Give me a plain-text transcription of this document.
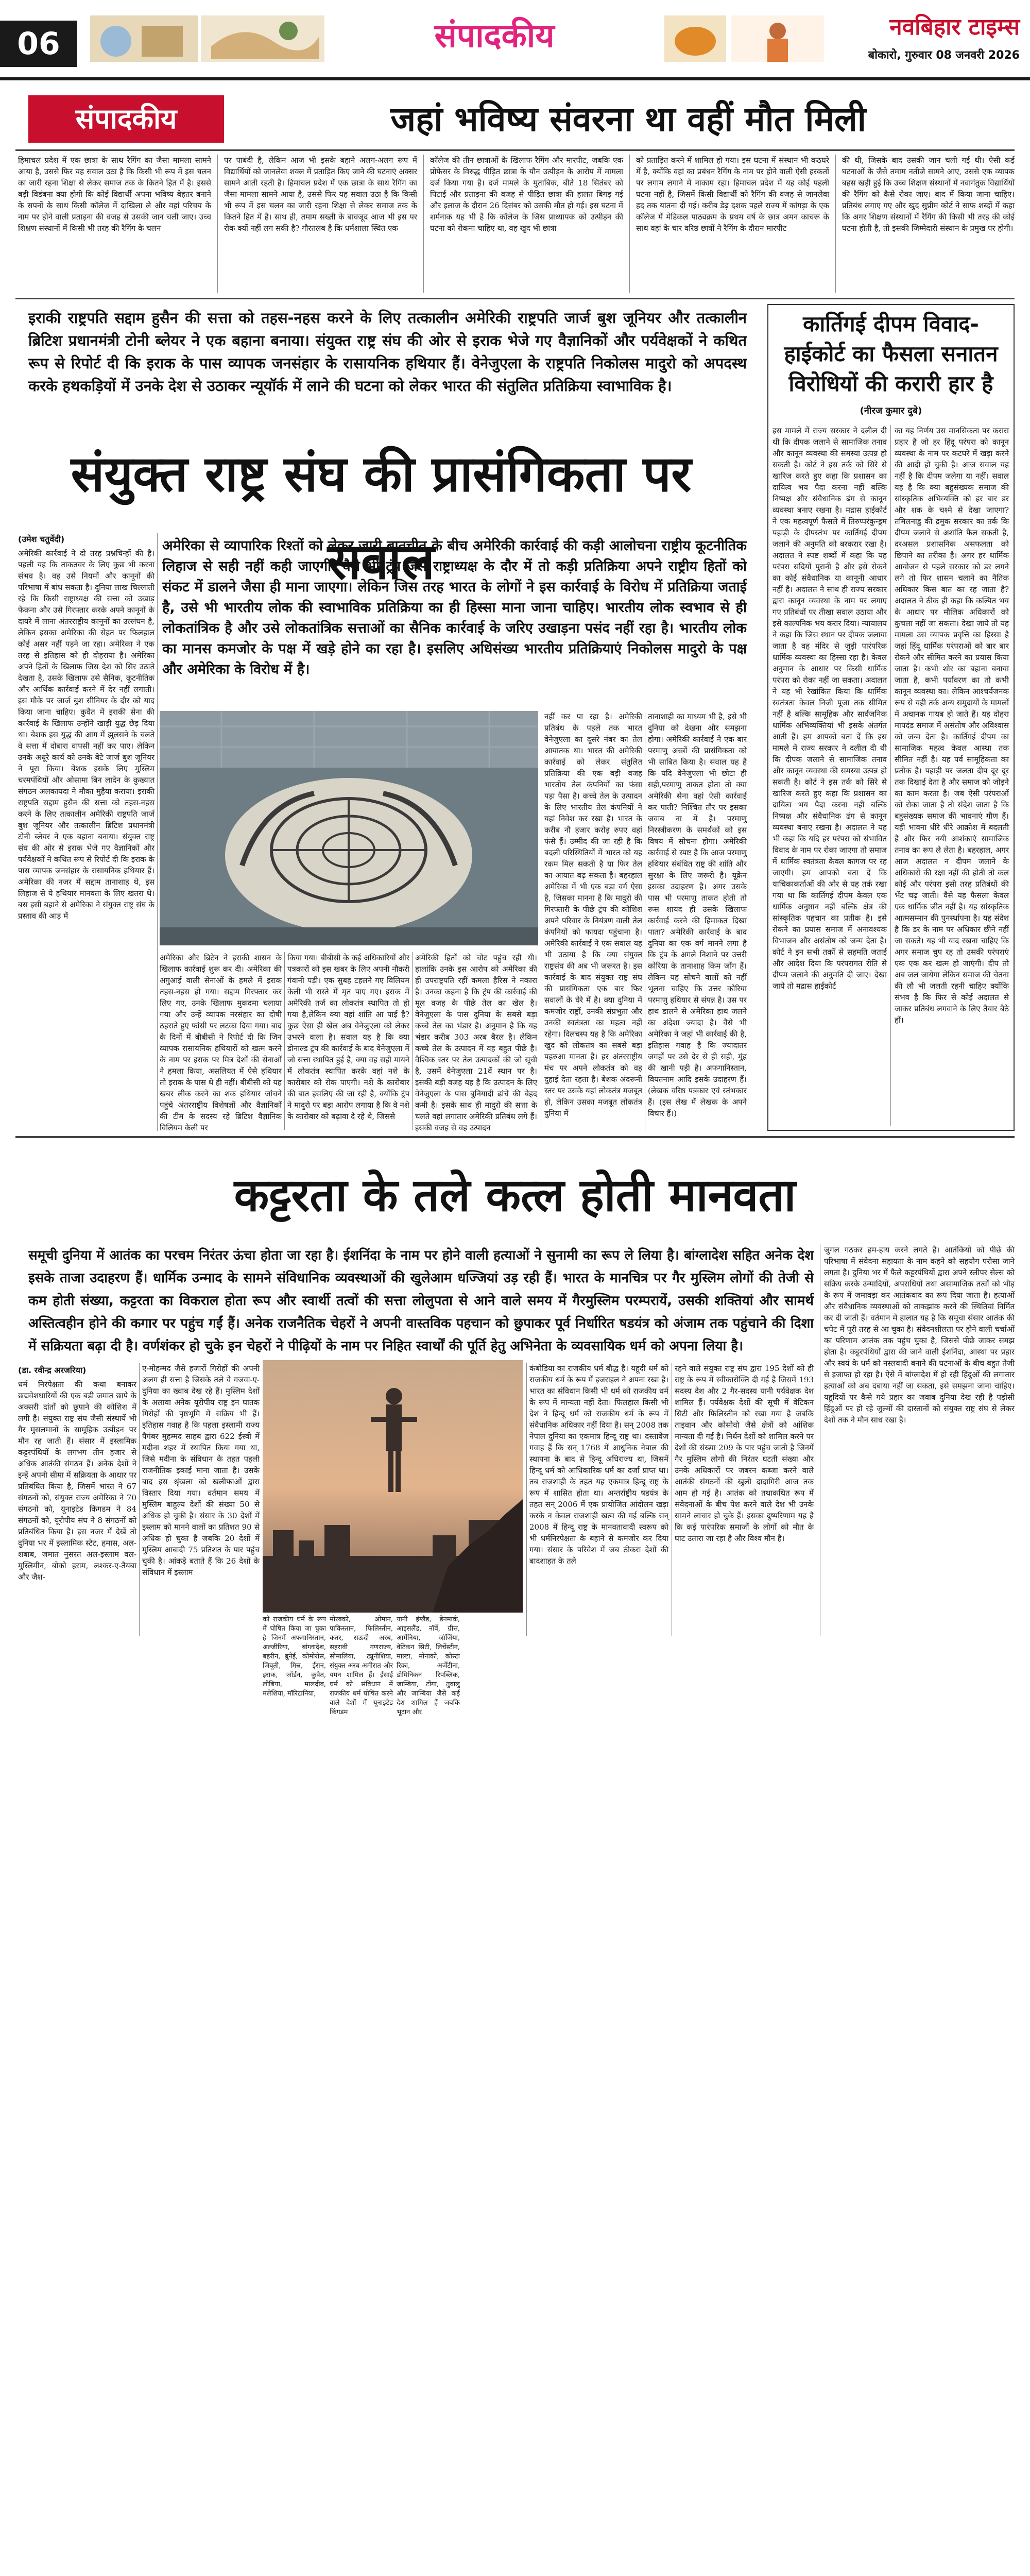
06	संपादकीय	नवबिहार टाइम्स
बोकारो, गुरुवार 08 जनवरी 2026
संपादकीय	जहां भविष्य संवरना था वहीं मौत मिली
हिमाचल प्रदेश में एक छात्रा के साथ रैगिंग का जैसा मामला सामने आया है, उससे फिर यह सवाल उठा है कि किसी भी रूप में इस चलन का जारी रहना शिक्षा से लेकर समाज तक के कितने हित में है। इससे बड़ी विडंबना क्या होगी कि कोई विद्यार्थी अपना भविष्य बेहतर बनाने के सपनों के साथ किसी कॉलेज में दाखिला ले और वहां परिचय के नाम पर होने वाली प्रताड़ना की वजह से उसकी जान चली जाए। उच्च शिक्षण संस्थानों में किसी भी तरह की रैगिंग के चलन
पर पाबंदी है, लेकिन आज भी इसके बहाने अलग-अलग रूप में विद्यार्थियों को जानलेवा शक्ल में प्रताड़ित किए जाने की घटनाएं अक्सर सामने आती रहती हैं। हिमाचल प्रदेश में एक छात्रा के साथ रैगिंग का जैसा मामला सामने आया है, उससे फिर यह सवाल उठा है कि किसी भी रूप में इस चलन का जारी रहना शिक्षा से लेकर समाज तक के कितने हित में है। साथ ही, तमाम सख्ती के बावजूद आज भी इस पर रोक क्यों नहीं लग सकी है? गौरतलब है कि धर्मशाला स्थित एक
कॉलेज की तीन छात्राओं के खिलाफ रैगिंग और मारपीट, जबकि एक प्रोफेसर के विरुद्ध पीड़ित छात्रा के यौन उत्पीड़न के आरोप में मामला दर्ज किया गया है। दर्ज मामले के मुताबिक, बीते 18 सितंबर को पिटाई और प्रताड़ना की वजह से पीड़ित छात्रा की हालत बिगड़ गई और इलाज के दौरान 26 दिसंबर को उसकी मौत हो गई। इस घटना में शर्मनाक यह भी है कि कॉलेज के जिस प्राध्यापक को उत्पीड़न की घटना को रोकना चाहिए था, वह खुद भी छात्रा
को प्रताड़ित करने में शामिल हो गया। इस घटना में संस्थान भी कठघरे में है, क्योंकि वहां का प्रबंधन रैगिंग के नाम पर होने वाली ऐसी हरकतों पर लगाम लगाने में नाकाम रहा। हिमाचल प्रदेश में यह कोई पहली घटना नहीं है, जिसमें किसी विद्यार्थी को रैगिंग की वजह से जानलेवा हद तक यातना दी गई। करीब डेढ़ दशक पहले राज्य में कांगड़ा के एक कॉलेज में मेडिकल पाठ्यक्रम के प्रथम वर्ष के छात्र अमन काचरू के साथ वहां के चार वरिष्ठ छात्रों ने रैगिंग के दौरान मारपीट
की थी, जिसके बाद उसकी जान चली गई थी। ऐसी कई घटनाओं के जैसे तमाम नतीजे सामने आए, उससे एक व्यापक बहस खड़ी हुई कि उच्च शिक्षण संस्थानों में नवागंतुक विद्यार्थियों की रैगिंग को कैसे रोका जाए। बाद में किया जाना चाहिए। प्रतिबंध लगाए गए और खुद सुप्रीम कोर्ट ने साफ शब्दों में कहा कि अगर शिक्षण संस्थानों में रैगिंग की किसी भी तरह की कोई घटना होती है, तो इसकी जिम्मेदारी संस्थान के प्रमुख पर होगी।
इराकी राष्ट्रपति सद्दाम हुसैन की सत्ता को तहस-नहस करने के लिए तत्कालीन अमेरिकी राष्ट्रपति जार्ज बुश जूनियर और तत्कालीन ब्रिटिश प्रधानमंत्री टोनी ब्लेयर ने एक बहाना बनाया। संयुक्त राष्ट्र संघ की ओर से इराक भेजे गए वैज्ञानिकों और पर्यवेक्षकों ने कथित रूप से रिपोर्ट दी कि इराक के पास व्यापक जनसंहार के रासायनिक हथियार हैं। वेनेजुएला के राष्ट्रपति निकोलस मादुरो को अपदस्थ करके हथकड़ियों में उनके देश से उठाकर न्यूयॉर्क में लाने की घटना को लेकर भारत की संतुलित प्रतिक्रिया स्वाभाविक है।
संयुक्त राष्ट्र संघ की प्रासंगिकता पर सवाल
(उमेश चतुर्वेदी)
अमेरिकी कार्रवाई ने दो तरह प्रश्नचिन्हों की है। पहली यह कि ताकतवर के लिए कुछ भी करना संभव है। वह उसे नियमों और कानूनों की परिभाषा में बांध सकता है। दुनिया लाख चिल्लाती रहे कि किसी राष्ट्राध्यक्ष की सत्ता को उखाड़ फेंकना और उसे गिरफ्तार करके अपने कानूनों के दायरे में लाना अंतरराष्ट्रीय कानूनों का उल्लंघन है, लेकिन इसका अमेरिका की सेहत पर फिलहाल कोई असर नहीं पड़ने जा रहा। अमेरिका ने एक तरह से इतिहास को ही दोहराया है। अमेरिका अपने हितों के खिलाफ जिस देश को सिर उठाते देखता है, उसके खिलाफ उसे सैनिक, कूटनीतिक और आर्थिक कार्रवाई करने में देर नहीं लगाती। इस मौके पर जार्ज बुश सीनियर के दौर को याद किया जाना चाहिए। कुवैत में इराकी सेना की कार्रवाई के खिलाफ उन्होंने खाड़ी युद्ध छेड़ दिया था। बेशक इस युद्ध की आग में झुलसने के चलते वे सत्ता में दोबारा वापसी नहीं कर पाए। लेकिन उनके अधूरे कार्य को उनके बेटे जार्ज बुश जूनियर ने पूरा किया। बेशक इसके लिए मुस्लिम चरमपंथियों और ओसामा बिन लादेन के कुख्यात संगठन अलकायदा ने मौका मुहैया कराया। इराकी राष्ट्रपति सद्दाम हुसैन की सत्ता को तहस-नहस करने के लिए तत्कालीन अमेरिकी राष्ट्रपति जार्ज बुश जूनियर और तत्कालीन ब्रिटिश प्रधानमंत्री टोनी ब्लेयर ने एक बहाना बनाया। संयुक्त राष्ट्र संघ की ओर से इराक भेजे गए वैज्ञानिकों और पर्यवेक्षकों ने कथित रूप से रिपोर्ट दी कि इराक के पास व्यापक जनसंहार के रासायनिक हथियार हैं। अमेरिका की नजर में सद्दाम तानाशाह थे, इस लिहाज से ये हथियार मानवता के लिए खतरा थे। बस इसी बहाने से अमेरिका ने संयुक्त राष्ट्र संघ के प्रस्ताव की आड़ में
अमेरिका से व्यापारिक रिश्तों को लेकर जारी बातचीत के बीच अमेरिकी कार्रवाई की कड़ी आलोचना राष्ट्रीय कूटनीतिक लिहाज से सही नहीं कही जाएगी। वैसे भी ट्रंप जैसे राष्ट्राध्यक्ष के दौर में तो कड़ी प्रतिक्रिया अपने राष्ट्रीय हितों को संकट में डालने जैसा ही माना जाएगा। लेकिन जिस तरह भारत के लोगों ने इस कार्रवाई के विरोध में प्रतिक्रिया जताई है, उसे भी भारतीय लोक की स्वाभाविक प्रतिक्रिया का ही हिस्सा माना जाना चाहिए। भारतीय लोक स्वभाव से ही लोकतांत्रिक है और उसे लोकतांत्रिक सत्ताओं का सैनिक कार्रवाई के जरिए उखाड़ना पसंद नहीं रहा है। भारतीय लोक का मानस कमजोर के पक्ष में खड़े होने का रहा है। इसलिए अधिसंख्य भारतीय प्रतिक्रियाएं निकोलस मादुरो के पक्ष और अमेरिका के विरोध में है।
अमेरिका और ब्रिटेन ने इराकी शासन के खिलाफ कार्रवाई शुरू कर दी। अमेरिका की अगुआई वाली सेनाओं के हमले में इराक तहस-नहस हो गया। सद्दाम गिरफ्तार कर लिए गए, उनके खिलाफ मुकदमा चलाया गया और उन्हें व्यापक नरसंहार का दोषी ठहराते हुए फांसी पर लटका दिया गया। बाद के दिनों में बीबीसी ने रिपोर्ट दी कि जिन व्यापक रासायनिक हथियारों को खत्म करने के नाम पर इराक पर मित्र देशों की सेनाओं ने हमला किया, असलियत में ऐसे हथियार तो इराक के पास थे ही नहीं। बीबीसी को यह खबर लीक करने का शक हथियार जांचने पहुंचे अंतरराष्ट्रीय विशेषज्ञों और वैज्ञानिकों की टीम के सदस्य रहे ब्रिटिश वैज्ञानिक विलियम केली पर
किया गया। बीबीसी के कई अधिकारियों और पत्रकारों को इस खबर के लिए अपनी नौकरी गंवानी पड़ी। एक सुबह टहलने गए विलियम केली भी रास्ते में मृत पाए गए। इराक में अमेरिकी तर्ज का लोकतंत्र स्थापित तो हो गया है,लेकिन क्या वहां शांति आ पाई है? कुछ ऐसा ही खेल अब वेनेजुएला को लेकर उभरने वाला है। सवाल यह है कि क्या डोनाल्ड ट्रंप की कार्रवाई के बाद वेनेजुएला में जो सत्ता स्थापित हुई है, क्या वह सही मायने में लोकतंत्र स्थापित करके वहां नशे के कारोबार को रोक पाएगी। नशे के कारोबार की बात इसलिए की जा रही है, क्योंकि ट्रंप ने मादुरो पर बड़ा आरोप लगाया है कि वे नशे के कारोबार को बढ़ावा दे रहे थे, जिससे
अमेरिकी हितों को चोट पहुंच रही थी। हालांकि उनके इस आरोप को अमेरिका की ही उपराष्ट्रपति रहीं कमला हैरिस ने नकारा है। उनका कहना है कि ट्रंप की कार्रवाई की मूल वजह के पीछे तेल का खेल है। वेनेजुएला के पास दुनिया के सबसे बड़ा कच्चे तेल का भंडार है। अनुमान है कि यह भंडार करीब 303 अरब बैरल है। लेकिन कच्चे तेल के उत्पादन में वह बहुत पीछे है। वैश्विक स्तर पर तेल उत्पादकों की जो सूची है, उसमें वेनेजुएला 21वें स्थान पर है। इसकी बड़ी वजह यह है कि उत्पादन के लिए वेनेजुएला के पास बुनियादी ढांचे की बेहद कमी है। इसके साथ ही मादुरो की सत्ता के चलते वहां लगातार अमेरिकी प्रतिबंध लगे हैं। इसकी वजह से वह उत्पादन
नहीं कर पा रहा है। अमेरिकी प्रतिबंध के पहले तक भारत वेनेजुएला का दूसरे नंबर का तेल आयातक था। भारत की अमेरिकी कार्रवाई को लेकर संतुलित प्रतिक्रिया की एक बड़ी वजह भारतीय तेल कंपनियों का फंसा पड़ा पैसा है। कच्चे तेल के उत्पादन के लिए भारतीय तेल कंपनियों ने यहां निवेश कर रखा है। भारत के करीब नौ हजार करोड़ रुपए वहां फंसे हैं। उम्मीद की जा रही है कि बदली परिस्थितियों में भारत को यह रकम मिल सकती है या फिर तेल का आयात बढ़ सकता है। बहरहाल अमेरिका में भी एक बड़ा वर्ग ऐसा है, जिसका मानना है कि मादुरो की गिरफ्तारी के पीछे ट्रंप की कोशिश अपने परिवार के नियंत्रण वाली तेल कंपनियों को फायदा पहुंचाना है। अमेरिकी कार्रवाई ने एक सवाल यह भी उठाया है कि क्या संयुक्त राष्ट्रसंघ की अब भी जरूरत है। इस कार्रवाई के बाद संयुक्त राष्ट्र संघ की प्रासंगिकता एक बार फिर सवालों के घेरे में है। क्या दुनिया में कमजोर राष्ट्रों, उनकी संप्रभुता और उनकी स्वतंत्रता का महत्व नहीं रहेगा। दिलचस्प यह है कि अमेरिका खुद को लोकतंत्र का सबसे बड़ा पहरुआ मानता है। हर अंतरराष्ट्रीय मंच पर अपने लोकतंत्र को वह दुहाई देता रहता है। बेशक अंदरूनी स्तर पर उसके यहां लोकतंत्र मजबूत हो, लेकिन उसका मजबूत लोकतंत्र दुनिया में
तानाशाही का माध्यम भी है, इसे भी दुनिया को देखना और समझना होगा। अमेरिकी कार्रवाई ने एक बार परमाणु अस्त्रों की प्रासंगिकता को भी साबित किया है। सवाल यह है कि यदि वेनेजुएला भी छोटा ही सही,परमाणु ताकत होता तो क्या अमेरिकी सेना वहां ऐसी कार्रवाई कर पाती? निश्चित तौर पर इसका जवाब ना में है। परमाणु निरस्त्रीकरण के समर्थकों को इस विषय में सोचना होगा। अमेरिकी कार्रवाई से स्पष्ट है कि आज परमाणु हथियार संबंधित राष्ट्र की शांति और सुरक्षा के लिए जरूरी है। यूक्रेन इसका उदाहरण है। अगर उसके पास भी परमाणु ताकत होती तो रूस शायद ही उसके खिलाफ कार्रवाई करने की हिमाकत दिखा पाता? अमेरिकी कार्रवाई के बाद दुनिया का एक वर्ग मानने लगा है कि ट्रंप के अगले निशाने पर उत्तरी कोरिया के तानाशाह किम जोंग हैं। लेकिन यह सोचने वालों को नहीं भूलना चाहिए कि उत्तर कोरिया परमाणु हथियार से संपन्न है। उस पर हाथ डालने से अमेरिका हाथ जलने का अंदेशा ज्यादा है। वैसे भी अमेरिका ने जहां भी कार्रवाई की है, इतिहास गवाह है कि ज्यादातर जगहों पर उसे देर से ही सही, मुंह की खानी पड़ी है। अफगानिस्तान, वियतनाम आदि इसके उदाहरण हैं।(लेखक वरिष्ठ पत्रकार एवं स्तंभकार हैं। (इस लेख में लेखक के अपने विचार हैं।)
कार्तिगई दीपम विवाद-हाईकोर्ट का फैसला सनातन विरोधियों की करारी हार है
(नीरज कुमार दुबे)
इस मामले में राज्य सरकार ने दलील दी थी कि दीपक जलाने से सामाजिक तनाव और कानून व्यवस्था की समस्या उत्पन्न हो सकती है। कोर्ट ने इस तर्क को सिरे से खारिज करते हुए कहा कि प्रशासन का दायित्व भय पैदा करना नहीं बल्कि निष्पक्ष और संवैधानिक ढंग से कानून व्यवस्था बनाए रखना है। मद्रास हाईकोर्ट ने एक महत्वपूर्ण फैसले में तिरुप्परंकुन्ड्रम पहाड़ी के दीपस्तंभ पर कार्तिगई दीपम जलाने की अनुमति को बरकरार रखा है। अदालत ने स्पष्ट शब्दों में कहा कि यह परंपरा सदियों पुरानी है और इसे रोकने का कोई संवैधानिक या कानूनी आधार नहीं है। अदालत ने साथ ही राज्य सरकार द्वारा कानून व्यवस्था के नाम पर लगाए गए प्रतिबंधों पर तीखा सवाल उठाया और इसे काल्पनिक भय करार दिया। न्यायालय ने कहा कि जिस स्थान पर दीपक जलाया जाता है वह मंदिर से जुड़ी पारंपरिक धार्मिक व्यवस्था का हिस्सा रहा है। केवल अनुमान के आधार पर किसी धार्मिक परंपरा को रोका नहीं जा सकता। अदालत ने यह भी रेखांकित किया कि धार्मिक स्वतंत्रता केवल निजी पूजा तक सीमित नहीं है बल्कि सामूहिक और सार्वजनिक धार्मिक अभिव्यक्तियां भी इसके अंतर्गत आती हैं। हम आपको बता दें कि इस मामले में राज्य सरकार ने दलील दी थी कि दीपक जलाने से सामाजिक तनाव और कानून व्यवस्था की समस्या उत्पन्न हो सकती है। कोर्ट ने इस तर्क को सिरे से खारिज करते हुए कहा कि प्रशासन का दायित्व भय पैदा करना नहीं बल्कि निष्पक्ष और संवैधानिक ढंग से कानून व्यवस्था बनाए रखना है। अदालत ने यह भी कहा कि यदि हर परंपरा को संभावित विवाद के नाम पर रोका जाएगा तो समाज में धार्मिक स्वतंत्रता केवल कागज पर रह जाएगी। हम आपको बता दें कि याचिकाकर्ताओं की ओर से यह तर्क रखा गया था कि कार्तिगई दीपम केवल एक धार्मिक अनुष्ठान नहीं बल्कि क्षेत्र की सांस्कृतिक पहचान का प्रतीक है। इसे रोकने का प्रयास समाज में अनावश्यक विभाजन और असंतोष को जन्म देता है। कोर्ट ने इन सभी तर्कों से सहमति जताई और आदेश दिया कि परंपरागत रीति से दीपम जलाने की अनुमति दी जाए। देखा जाये तो मद्रास हाईकोर्ट
का यह निर्णय उस मानसिकता पर करारा प्रहार है जो हर हिंदू परंपरा को कानून व्यवस्था के नाम पर कटघरे में खड़ा करने की आदी हो चुकी है। आज सवाल यह नहीं है कि दीपम जलेगा या नहीं। सवाल यह है कि क्या बहुसंख्यक समाज की सांस्कृतिक अभिव्यक्ति को हर बार डर और शक के चश्मे से देखा जाएगा? तमिलनाडु की द्रमुक सरकार का तर्क कि दीपम जलाने से अशांति फैल सकती है, दरअसल प्रशासनिक असफलता को छिपाने का तरीका है। अगर हर धार्मिक आयोजन से पहले सरकार को डर लगने लगे तो फिर शासन चलाने का नैतिक अधिकार किस बात का रह जाता है? अदालत ने ठीक ही कहा कि कल्पित भय के आधार पर मौलिक अधिकारों को कुचला नहीं जा सकता। देखा जाये तो यह मामला उस व्यापक प्रवृत्ति का हिस्सा है जहां हिंदू धार्मिक परंपराओं को बार बार रोकने और सीमित करने का प्रयास किया जाता है। कभी शोर का बहाना बनाया जाता है, कभी पर्यावरण का तो कभी कानून व्यवस्था का। लेकिन आश्चर्यजनक रूप से यही तर्क अन्य समुदायों के मामलों में अचानक गायब हो जाते हैं। यह दोहरा मापदंड समाज में असंतोष और अविश्वास को जन्म देता है। कार्तिगई दीपम का सामाजिक महत्व केवल आस्था तक सीमित नहीं है। यह पर्व सामूहिकता का प्रतीक है। पहाड़ी पर जलता दीप दूर दूर तक दिखाई देता है और समाज को जोड़ने का काम करता है। जब ऐसी परंपराओं को रोका जाता है तो संदेश जाता है कि बहुसंख्यक समाज की भावनाएं गौण हैं। यही भावना धीरे धीरे आक्रोश में बदलती है और फिर नयी आशंकाएं सामाजिक तनाव का रूप ले लेता है। बहरहाल, अगर आज अदालत न दीपम जलाने के अधिकारों की रक्षा नहीं की होती तो कल कोई और परंपरा इसी तरह प्रतिबंधों की भेंट चढ़ जाती। वैसे यह फैसला केवल एक धार्मिक जीत नहीं है। यह सांस्कृतिक आत्मसम्मान की पुनर्स्थापना है। यह संदेश है कि डर के नाम पर अधिकार छीने नहीं जा सकते। यह भी याद रखना चाहिए कि अगर समाज चुप रह तो उसकी परंपराएं एक एक कर खत्म हो जाएंगी। दीप तो अब जल जायेगा लेकिन समाज की चेतना की लौ भी जलती रहनी चाहिए क्योंकि संभव है कि फिर से कोई अदालत से जाकर प्रतिबंध लगवाने के लिए तैयार बैठे हों।
कट्टरता के तले कत्ल होती मानवता
समूची दुनिया में आतंक का परचम निरंतर ऊंचा होता जा रहा है। ईशनिंदा के नाम पर होने वाली हत्याओं ने सुनामी का रूप ले लिया है। बांग्लादेश सहित अनेक देश इसके ताजा उदाहरण हैं। धार्मिक उन्माद के सामने संविधानिक व्यवस्थाओं की खुलेआम धज्जियां उड़ रही हैं। भारत के मानचित्र पर गैर मुस्लिम लोगों की तेजी से कम होती संख्या, कट्टरता का विकराल होता रूप और स्वार्थी तत्वों की सत्ता लोलुपता से आने वाले समय में गैरमुस्लिम परम्परायें, उसकी शक्तियां और सामर्थ अस्तित्वहीन होने की कगार पर पहुंच गईं हैं। अनेक राजनैतिक चेहरों ने अपनी वास्तविक पहचान को छुपाकर पूर्व निर्धारित षडयंत्र को अंजाम तक पहुंचाने की दिशा में सक्रियता बढ़ा दी है। वर्णशंकर हो चुके इन चेहरों ने पीढ़ियों के नाम पर निहित स्वार्थों की पूर्ति हेतु अभिनेता के व्यवसायिक धर्म को अपना लिया है।
(डा. रवीन्द्र अरजरिया)
धर्म निरपेक्षता की कथा बनाकर छद्मवेशधारियों की एक बड़ी जमात छापे के अक्सरी दांतों को छुपाने की कोशिश में लगी है। संयुक्त राष्ट्र संघ जैसी संस्थायें भी गैर मुसलमानों के सामूहिक उत्पीड़न पर मौन रह जाती हैं। संसार में इस्लामिक कट्टरपंथियों के लगभग तीन हजार से अधिक आतंकी संगठन हैं। अनेक देशों ने इन्हें अपनी सीमा में सक्रियता के आधार पर प्रतिबंधित किया है, जिसमें भारत ने 67 संगठनों को, संयुक्त राज्य अमेरिका ने 70 संगठनों को, यूनाइटेड किंगडम ने 84 संगठनों को, यूरोपीय संघ ने 8 संगठनों को प्रतिबंधित किया है। इस नजर में देखें तो दुनिया भर में इस्लामिक स्टेट, हमास, अल-शबाब, जमात नुसरत अल-इस्लाम वल-मुस्लिमीन, बोको हराम, लश्कर-ए-तैयबा और जैश-
ए-मोहम्मद जैसे हजारों गिरोहों की अपनी अलग ही सत्ता है जिसके तले वे गजवा-ए-दुनिया का ख्वाब देख रहे हैं। मुस्लिम देशों के अलावा अनेक यूरोपीय राष्ट्र इन घातक गिरोहों की पृष्ठभूमि में सक्रिय भी हैं। इतिहास गवाह है कि पहला इस्लामी राज्य पैगंबर मुहम्मद साहब द्वारा 622 ईस्वी में मदीना शहर में स्थापित किया गया था, जिसे मदीना के संविधान के तहत पहली राजनीतिक इकाई माना जाता है। उसके बाद इस श्रृंखला को खलीफाओं द्वारा विस्तार दिया गया। वर्तमान समय में मुस्लिम बाहुल्य देशों की संख्या 50 से अधिक हो चुकी है। संसार के 30 देशों में इस्लाम को मानने वालों का प्रतिशत 90 से अधिक हो चुका है जबकि 20 देशों में मुस्लिम आबादी 75 प्रतिशत के पार पहुंच चुकी है। आंकड़े बताते हैं कि 26 देशों के संविधान में इस्लाम
को राजकीय धर्म के रूप में घोषित किया जा चुका है जिनमें अफगानिस्तान, अल्जीरिया, बांग्लादेश, बहरीन, ब्रुनेई, कोमोरोस, जिबूती, मिस्र, ईरान, इराक, जॉर्डन, कुवैत, लीबिया, मालदीव, मलेशिया, मॉरिटानिया,
मोरक्को, ओमान, पाकिस्तान, फिलिस्तीन, कतर, सऊदी अरब, सहरावी गणराज्य, सोमालिया, ट्यूनीशिया, संयुक्त अरब अमीरात और यमन शामिल हैं। ईसाई धर्म को संविधान में राजकीय धर्म घोषित करने वाले देशों में यूनाइटेड किंगडम
यानी इंग्लैंड, डेनमार्क, आइसलैंड, नॉर्वे, ग्रीस, आर्मेनिया, जॉर्जिया, वेटिकन सिटी, लिचेंस्टीन, माल्टा, मोनाको, कोस्टा रिका, अर्जेंटीना, डोमिनिकन रिपब्लिक, जाम्बिया, टोंगा, तुवालु और जाम्बिया जैसे कई देश शामिल हैं जबकि भूटान और
कंबोडिया का राजकीय धर्म बौद्ध है। यहूदी धर्म को राजकीय धर्म के रूप में इजराइल ने अपना रखा है। भारत का संविधान किसी भी धर्म को राजकीय धर्म के रूप में मान्यता नहीं देता। फिलहाल किसी भी देश ने हिन्दू धर्म को राजकीय धर्म के रूप में संवैधानिक अधिकार नहीं दिया है। सन् 2008 तक नेपाल दुनिया का एकमात्र हिन्दू राष्ट्र था। दस्तावेज गवाह हैं कि सन् 1768 में आधुनिक नेपाल की स्थापना के बाद से हिन्दू अधिराज्य था, जिसमें हिन्दू धर्म को आधिकारिक धर्म का दर्जा प्राप्त था। तब राजशाही के तहत यह एकमात्र हिन्दू राष्ट्र के रूप में शासित होता था। अन्तर्राष्ट्रीय षडयंत्र के तहत सन् 2006 में एक प्रायोजित आंदोलन खड़ा करके न केवल राजशाही खत्म की गई बल्कि सन् 2008 में हिन्दू राष्ट्र के मानवतावादी स्वरूप को भी धर्मनिरपेक्षता के बहाने से कमजोर कर दिया गया। संसार के परिवेश में जब ठीकरा देशों की बादशाहत के तले
रहने वाले संयुक्त राष्ट्र संघ द्वारा 195 देशों को ही राष्ट्र के रूप में स्वीकारोक्ति दी गई है जिसमें 193 सदस्य देश और 2 गैर-सदस्य यानी पर्यवेक्षक देश शामिल हैं। पर्यवेक्षक देशों की सूची में वेटिकन सिटी और फिलिस्तीन को रखा गया है जबकि ताइवान और कोसोवो जैसे क्षेत्रों को आंशिक मान्यता दी गई है। निर्धन देशों को शामिल करने पर देशों की संख्या 209 के पार पहुंच जाती है जिनमें गैर मुस्लिम लोगों की निरंतर घटती संख्या और उनके अधिकारों पर जबरन कब्जा करने वाले आतंकी संगठनों की खुली दादागिरी आज तक आम हो गई है। आतंक को तथाकथित रूप में संवेदनाओं के बीच पेश करने वाले देश भी उनके सामने लाचार हो चुके हैं। इसका दुष्परिणाम यह है कि कई पारंपरिक समाजों के लोगों को मौत के घाट उतारा जा रहा है और विश्व मौन है।
जुगल गठकर हम-हाय करने लगते हैं। आतंकियों को पीछे की परिभाषा में संवेदना सहायता के नाम कहने को सहयोग परोसा जाने लगता है। दुनिया भर में फैले कट्टरपंथियों द्वारा अपने स्लीपर सेल्स को सक्रिय करके उन्मादियों, अपराधियों तथा असामाजिक तत्वों को भीड़ के रूप में जमावड़ा कर आतंकवाद का रूप दिया जाता है। हत्याओं और संवैधानिक व्यवस्थाओं को ताकझांक करने की स्थितियां निर्मित कर दी जाती हैं। वर्तमान में हालात यह है कि समूचा संसार आतंक की चपेट में पूरी तरह से आ चुका है। संवेदनशीलता पर होने वाली चर्चाओं का परिणाम आतंक तक पहुंच चुका है, जिससे पीछे जाकर समझ होता है। कट्टरपंथियों द्वारा की जाने वाली ईशनिंदा, आस्था पर प्रहार और स्वयं के धर्म को नस्लवादी बनाने की घटनाओं के बीच बहुत तेजी से इजाफा हो रहा है। ऐसे में बांग्लादेश में हो रही हिंदुओं की लगातार हत्याओं को अब दबाया नहीं जा सकता, इसे समझना जाना चाहिए। यहूदियों पर कैसे गये प्रहार का जवाब दुनिया देख रही है पड़ोसी हिंदुओं पर हो रहे जुल्मों की दास्तानों को संयुक्त राष्ट्र संघ से लेकर देशों तक ने मौन साध रखा है।
